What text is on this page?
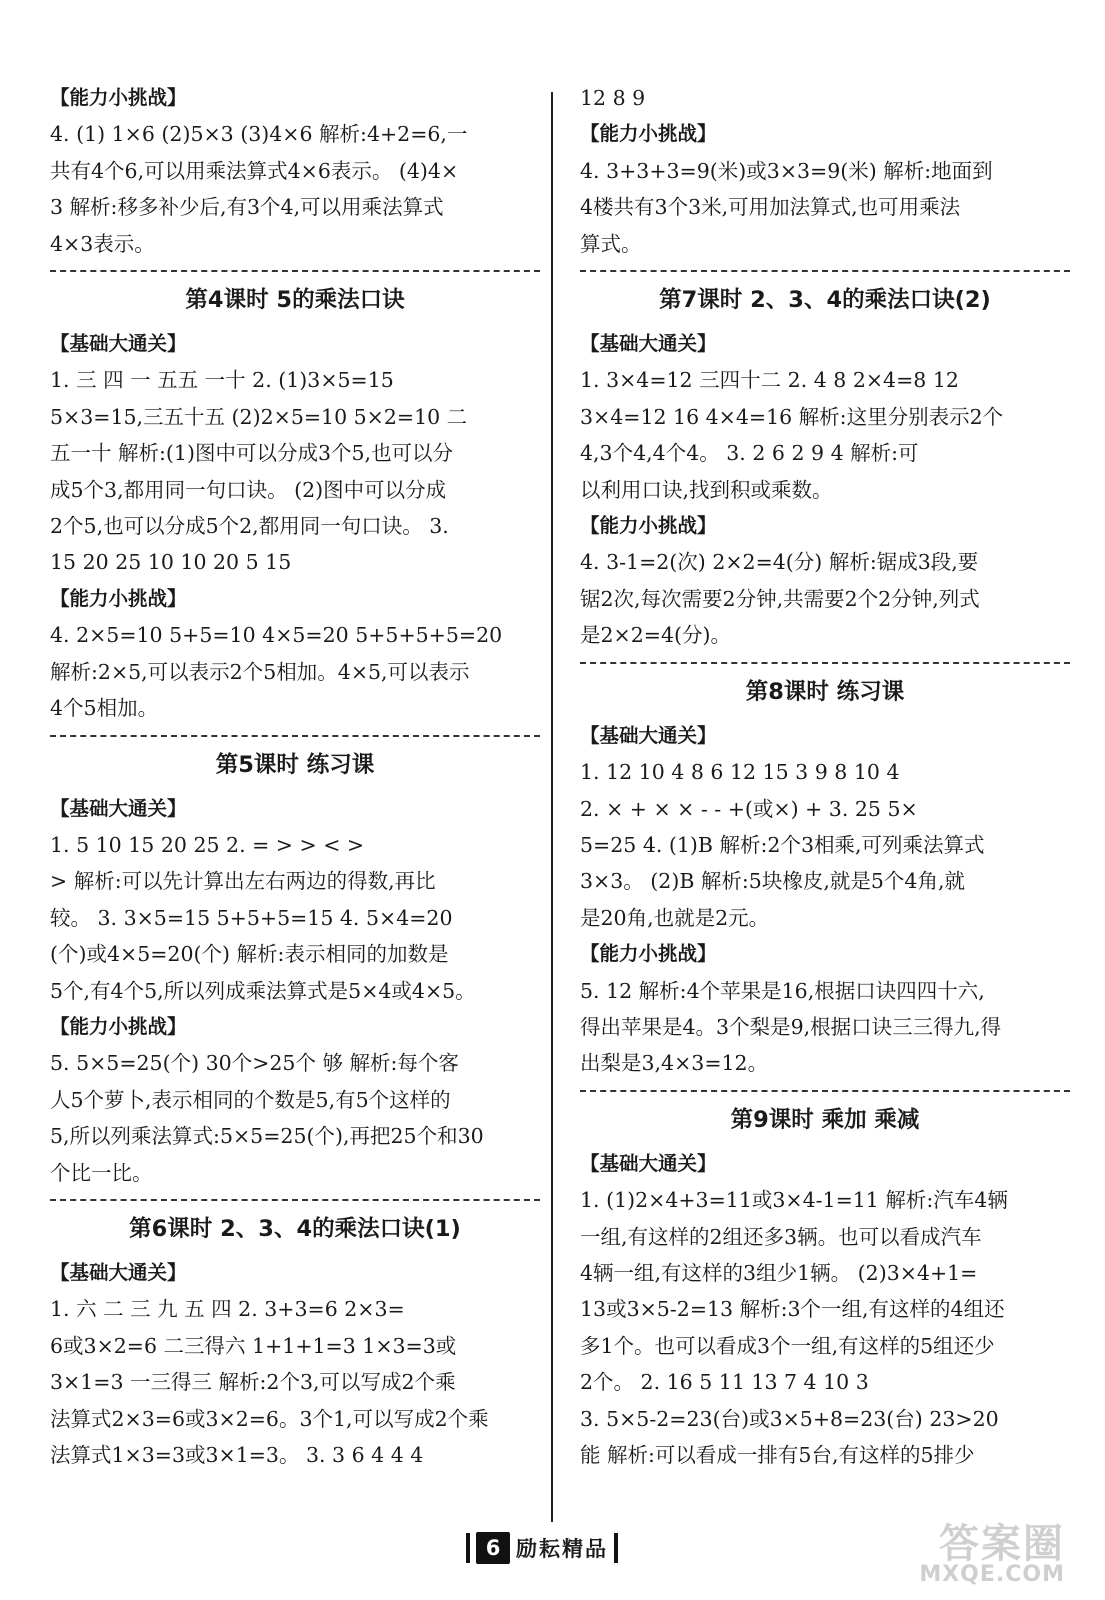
【能力小挑战】
4. (1) 1×6 (2)5×3 (3)4×6 解析:4+2=6,一
共有4个6,可以用乘法算式4×6表示。 (4)4×
3 解析:移多补少后,有3个4,可以用乘法算式
4×3表示。
第4课时 5的乘法口诀
【基础大通关】
1. 三 四 一 五五 一十 2. (1)3×5=15
5×3=15,三五十五 (2)2×5=10 5×2=10 二
五一十 解析:(1)图中可以分成3个5,也可以分
成5个3,都用同一句口诀。 (2)图中可以分成
2个5,也可以分成5个2,都用同一句口诀。 3.
15 20 25 10 10 20 5 15
【能力小挑战】
4. 2×5=10 5+5=10 4×5=20 5+5+5+5=20
解析:2×5,可以表示2个5相加。4×5,可以表示
4个5相加。
第5课时 练习课
【基础大通关】
1. 5 10 15 20 25 2. = > > < >
> 解析:可以先计算出左右两边的得数,再比
较。 3. 3×5=15 5+5+5=15 4. 5×4=20
(个)或4×5=20(个) 解析:表示相同的加数是
5个,有4个5,所以列成乘法算式是5×4或4×5。
【能力小挑战】
5. 5×5=25(个) 30个>25个 够 解析:每个客
人5个萝卜,表示相同的个数是5,有5个这样的
5,所以列乘法算式:5×5=25(个),再把25个和30
个比一比。
第6课时 2、3、4的乘法口诀(1)
【基础大通关】
1. 六 二 三 九 五 四 2. 3+3=6 2×3=
6或3×2=6 二三得六 1+1+1=3 1×3=3或
3×1=3 一三得三 解析:2个3,可以写成2个乘
法算式2×3=6或3×2=6。3个1,可以写成2个乘
法算式1×3=3或3×1=3。 3. 3 6 4 4 4
12 8 9
【能力小挑战】
4. 3+3+3=9(米)或3×3=9(米) 解析:地面到
4楼共有3个3米,可用加法算式,也可用乘法
算式。
第7课时 2、3、4的乘法口诀(2)
【基础大通关】
1. 3×4=12 三四十二 2. 4 8 2×4=8 12
3×4=12 16 4×4=16 解析:这里分别表示2个
4,3个4,4个4。 3. 2 6 2 9 4 解析:可
以利用口诀,找到积或乘数。
【能力小挑战】
4. 3-1=2(次) 2×2=4(分) 解析:锯成3段,要
锯2次,每次需要2分钟,共需要2个2分钟,列式
是2×2=4(分)。
第8课时 练习课
【基础大通关】
1. 12 10 4 8 6 12 15 3 9 8 10 4
2. × + × × - - +(或×) + 3. 25 5×
5=25 4. (1)B 解析:2个3相乘,可列乘法算式
3×3。 (2)B 解析:5块橡皮,就是5个4角,就
是20角,也就是2元。
【能力小挑战】
5. 12 解析:4个苹果是16,根据口诀四四十六,
得出苹果是4。3个梨是9,根据口诀三三得九,得
出梨是3,4×3=12。
第9课时 乘加 乘减
【基础大通关】
1. (1)2×4+3=11或3×4-1=11 解析:汽车4辆
一组,有这样的2组还多3辆。也可以看成汽车
4辆一组,有这样的3组少1辆。 (2)3×4+1=
13或3×5-2=13 解析:3个一组,有这样的4组还
多1个。也可以看成3个一组,有这样的5组还少
2个。 2. 16 5 11 13 7 4 10 3
3. 5×5-2=23(台)或3×5+8=23(台) 23>20
能 解析:可以看成一排有5台,有这样的5排少
6 励耘精品	答案圈
MXQE.COM
